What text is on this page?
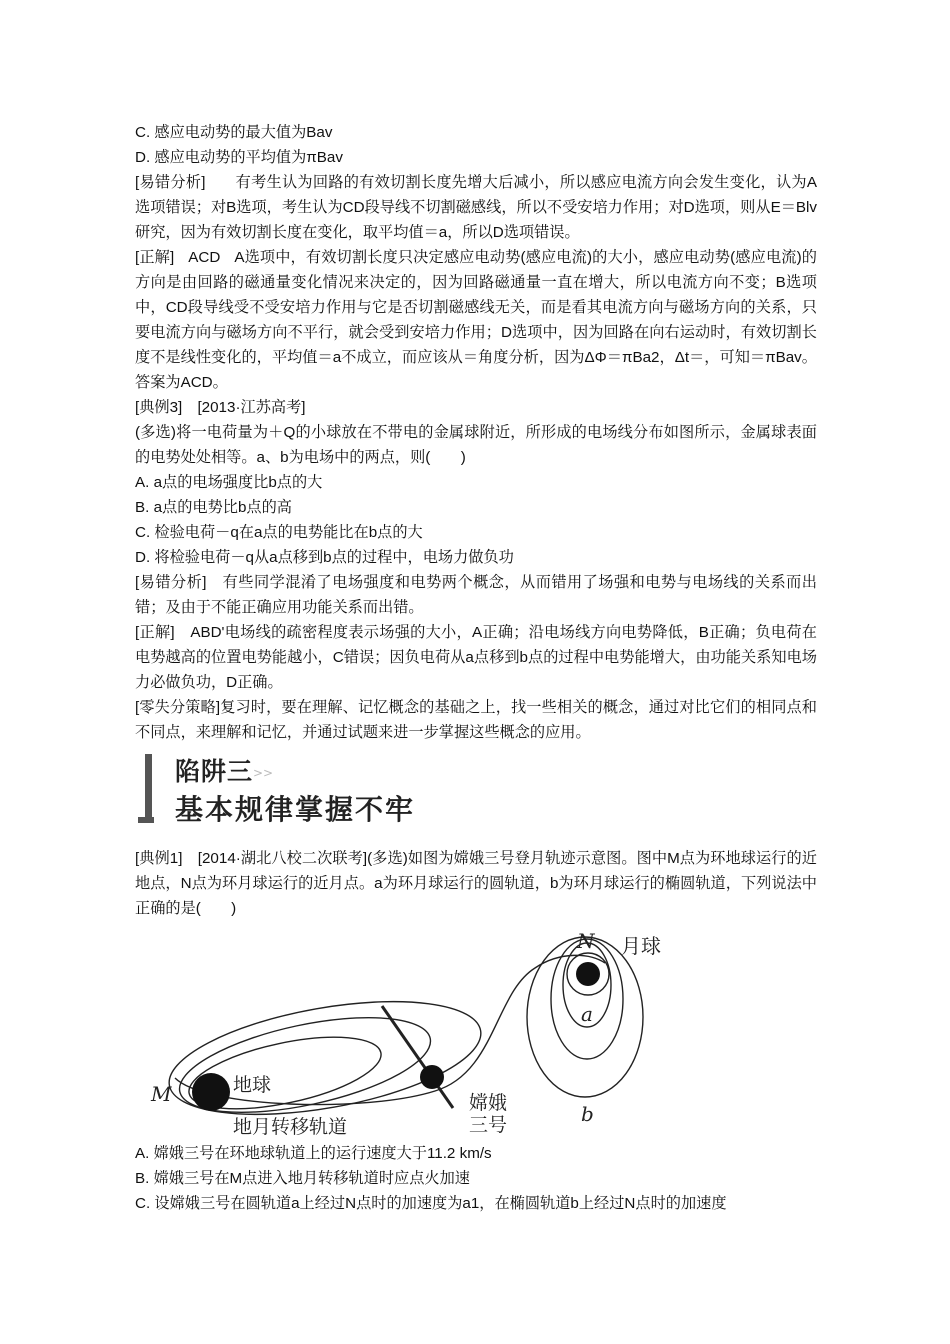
C. 感应电动势的最大值为Bav

D. 感应电动势的平均值为πBav

[易错分析] 有考生认为回路的有效切割长度先增大后减小，所以感应电流方向会发生变化，认为A选项错误；对B选项，考生认为CD段导线不切割磁感线，所以不受安培力作用；对D选项，则从E＝Blv研究，因为有效切割长度在变化，取平均值＝a，所以D选项错误。

[正解] ACD A选项中，有效切割长度只决定感应电动势(感应电流)的大小，感应电动势(感应电流)的方向是由回路的磁通量变化情况来决定的，因为回路磁通量一直在增大，所以电流方向不变；B选项中，CD段导线受不受安培力作用与它是否切割磁感线无关，而是看其电流方向与磁场方向的关系，只要电流方向与磁场方向不平行，就会受到安培力作用；D选项中，因为回路在向右运动时，有效切割长度不是线性变化的，平均值＝a不成立，而应该从＝角度分析，因为ΔΦ＝πBa2，Δt＝，可知＝πBav。答案为ACD。

[典例3]　[2013·江苏高考]

(多选)将一电荷量为＋Q的小球放在不带电的金属球附近，所形成的电场线分布如图所示，金属球表面的电势处处相等。a、b为电场中的两点，则(　　)

A. a点的电场强度比b点的大

B. a点的电势比b点的高

C. 检验电荷－q在a点的电势能比在b点的大

D. 将检验电荷－q从a点移到b点的过程中，电场力做负功

[易错分析]　有些同学混淆了电场强度和电势两个概念，从而错用了场强和电势与电场线的关系而出错；及由于不能正确应用功能关系而出错。

[正解]　ABD'电场线的疏密程度表示场强的大小，A正确；沿电场线方向电势降低，B正确；负电荷在电势越高的位置电势能越小，C错误；因负电荷从a点移到b点的过程中电势能增大，由功能关系知电场力必做负功，D正确。

[零失分策略]复习时，要在理解、记忆概念的基础之上，找一些相关的概念，通过对比它们的相同点和不同点，来理解和记忆，并通过试题来进一步掌握这些概念的应用。

陷阱三 >>
基本规律掌握不牢

[典例1]　[2014·湖北八校二次联考](多选)如图为嫦娥三号登月轨迹示意图。图中M点为环地球运行的近地点，N点为环月球运行的近月点。a为环月球运行的圆轨道，b为环月球运行的椭圆轨道，下列说法中正确的是(　　)

N 月球
a
b
M	地球
嫦娥
三号
地月转移轨道

A. 嫦娥三号在环地球轨道上的运行速度大于11.2 km/s

B. 嫦娥三号在M点进入地月转移轨道时应点火加速

C. 设嫦娥三号在圆轨道a上经过N点时的加速度为a1，在椭圆轨道b上经过N点时的加速度
